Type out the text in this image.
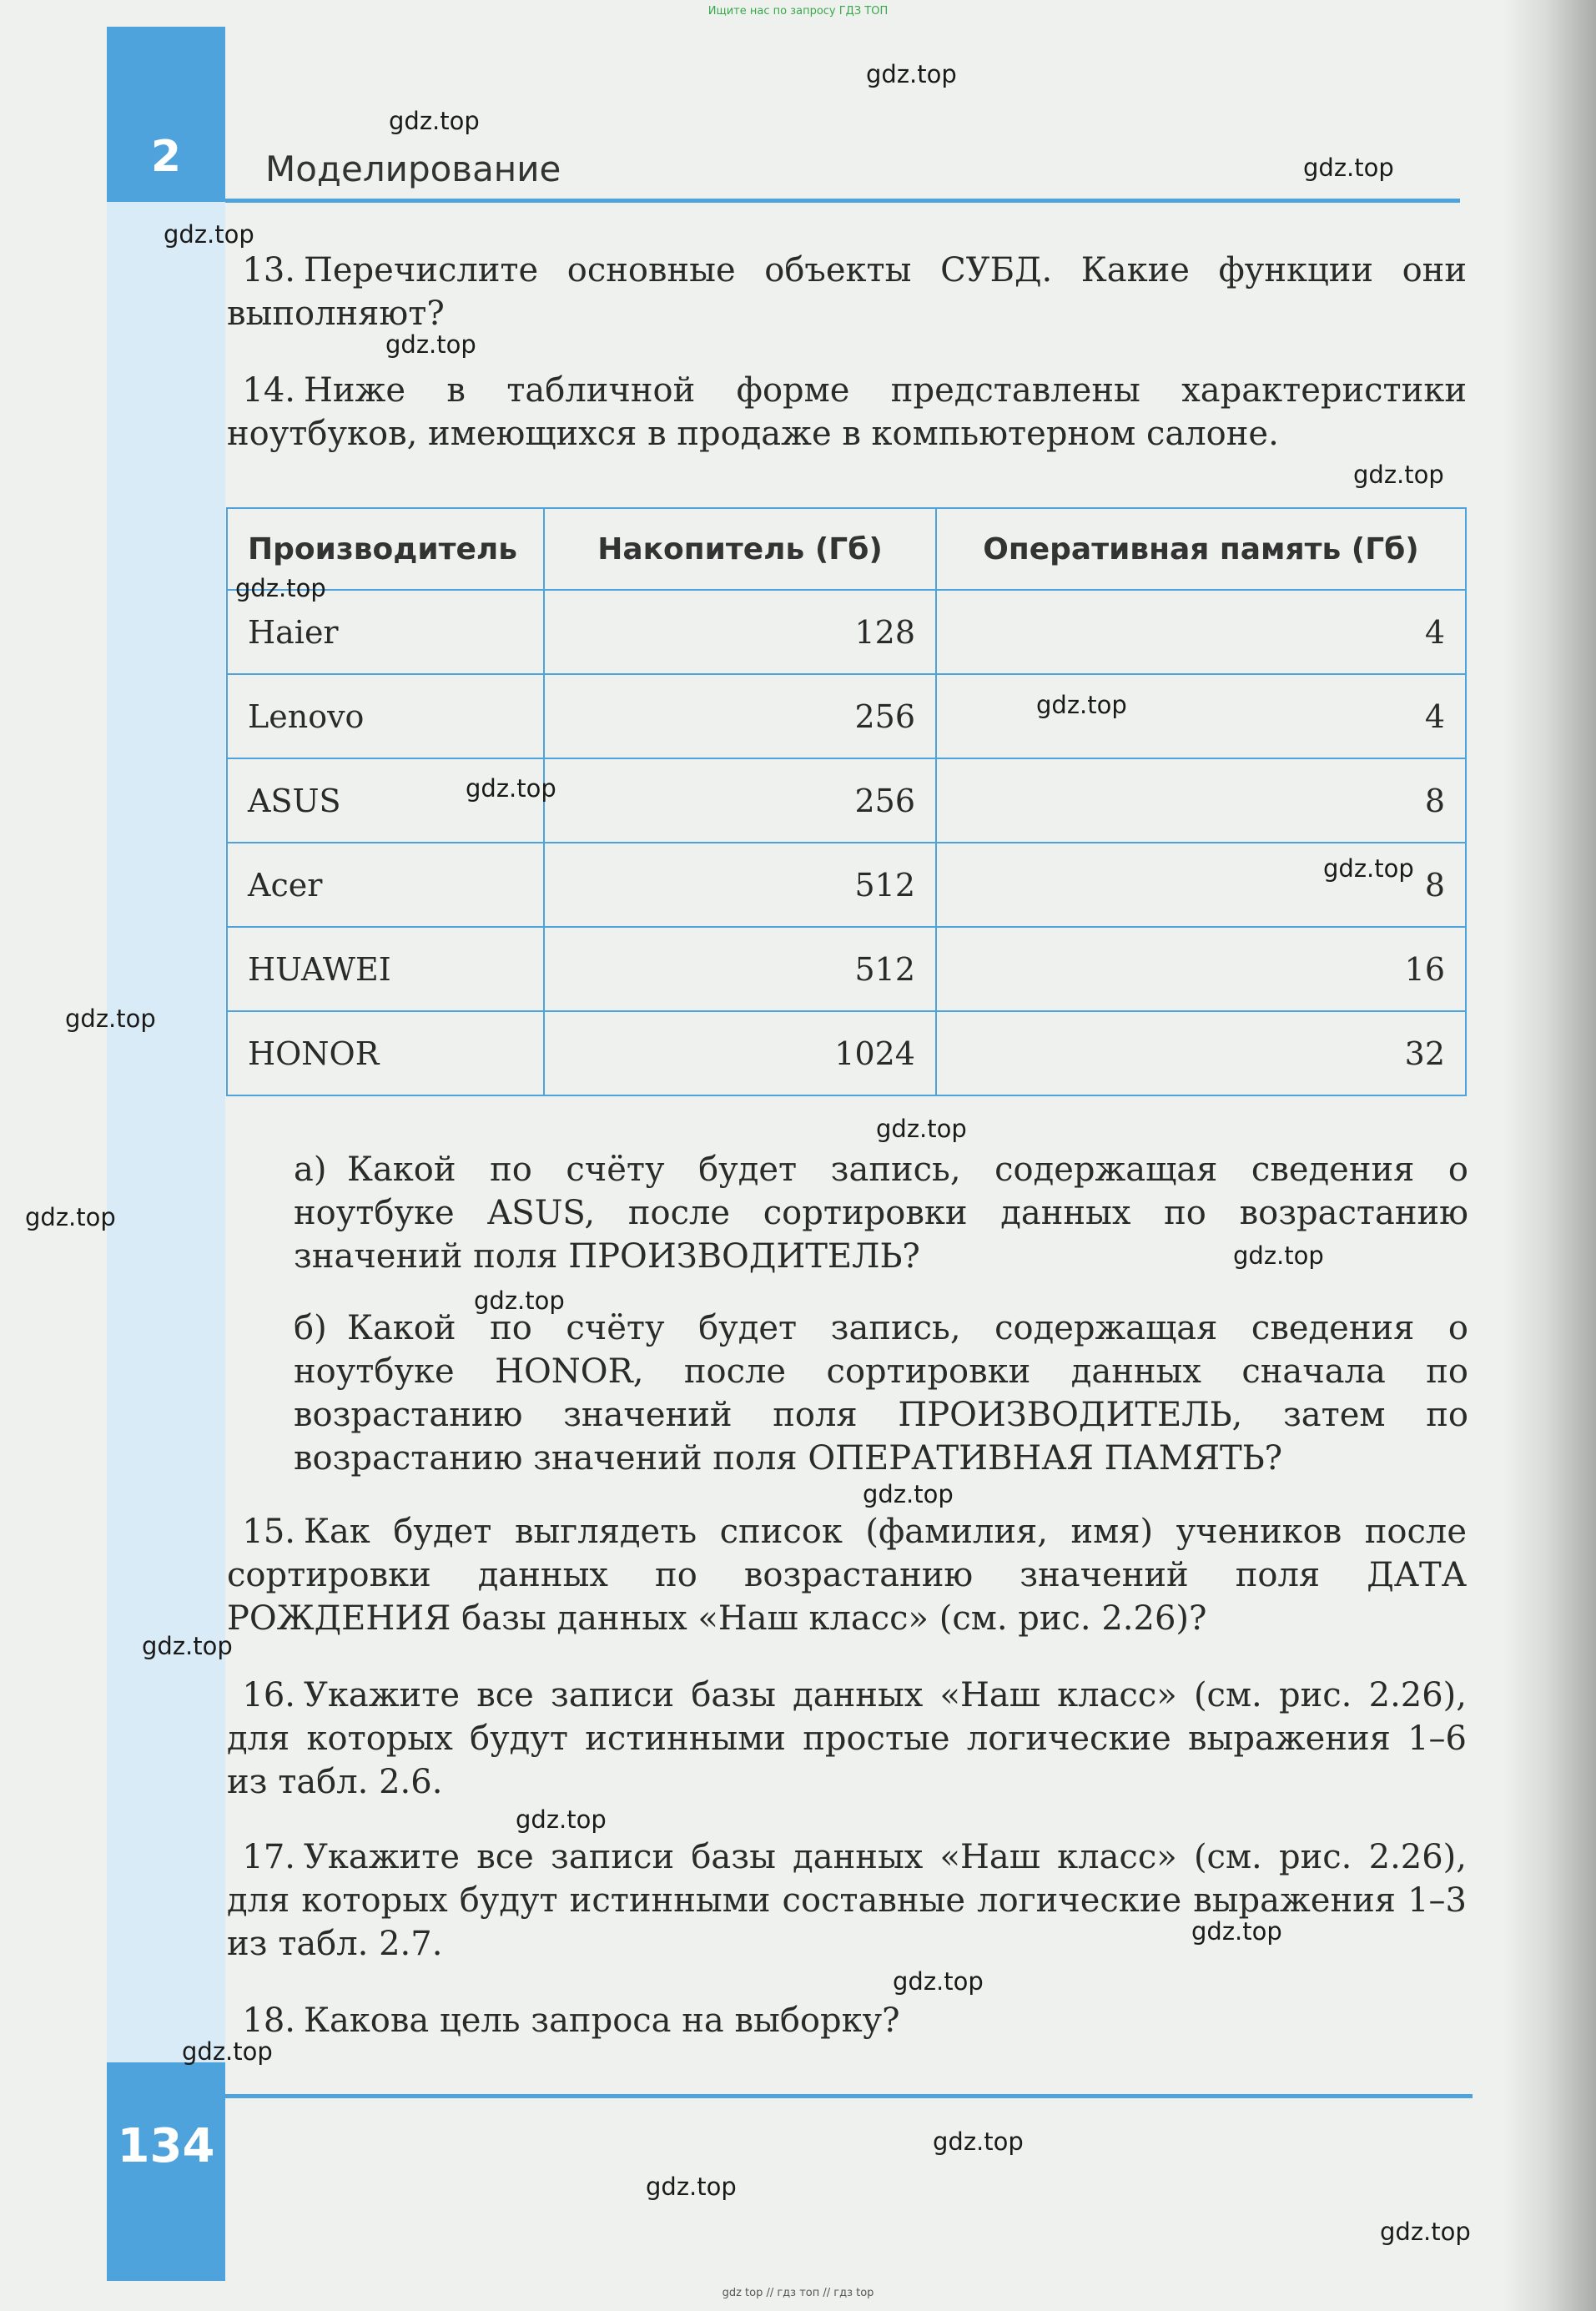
Ищите нас по запросу ГДЗ ТОП
2	Моделирование
13. Перечислите основные объекты СУБД. Какие функции они выполняют?
14. Ниже в табличной форме представлены характеристики ноутбуков, имеющихся в продаже в компьютерном салоне.
Производитель	Накопитель (Гб)	Оперативная память (Гб)
Haier	128	4
Lenovo	256	4
ASUS	256	8
Acer	512	8
HUAWEI	512	16
HONOR	1024	32
а) Какой по счёту будет запись, содержащая сведения о ноутбуке ASUS, после сортировки данных по возрастанию значений поля ПРОИЗВОДИТЕЛЬ?
б) Какой по счёту будет запись, содержащая сведения о ноутбуке HONOR, после сортировки данных сначала по возрастанию значений поля ПРОИЗВОДИТЕЛЬ, затем по возрастанию значений поля ОПЕРАТИВНАЯ ПАМЯТЬ?
15. Как будет выглядеть список (фамилия, имя) учеников после сортировки данных по возрастанию значений поля ДАТА РОЖДЕНИЯ базы данных «Наш класс» (см. рис. 2.26)?
16. Укажите все записи базы данных «Наш класс» (см. рис. 2.26), для которых будут истинными простые логические выражения 1–6 из табл. 2.6.
17. Укажите все записи базы данных «Наш класс» (см. рис. 2.26), для которых будут истинными составные логические выражения 1–3 из табл. 2.7.
18. Какова цель запроса на выборку?
134
gdz.top
gdz.top
gdz.top
gdz.top
gdz.top
gdz.top
gdz.top
gdz.top
gdz.top
gdz.top
gdz.top
gdz.top
gdz.top
gdz.top
gdz.top
gdz.top
gdz.top
gdz.top
gdz.top
gdz.top
gdz.top
gdz.top
gdz.top
gdz.top
gdz top // гдз топ // гдз top
